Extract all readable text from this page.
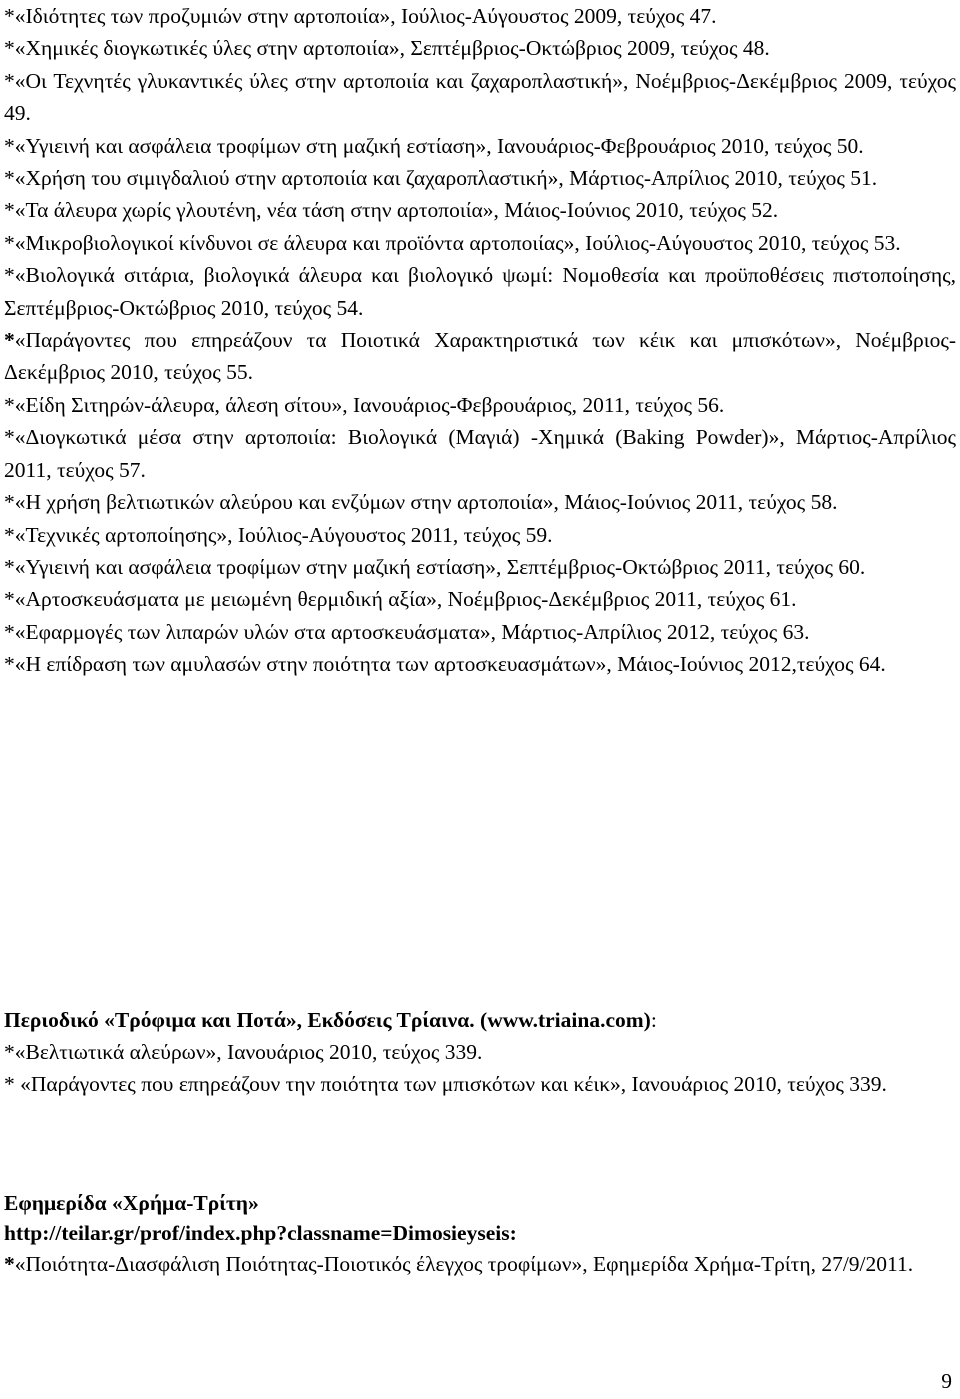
*«Ιδιότητες των προζυμιών στην αρτοποιία», Ιούλιος-Αύγουστος 2009, τεύχος 47.

*«Χημικές διογκωτικές ύλες στην αρτοποιία», Σεπτέμβριος-Οκτώβριος 2009, τεύχος 48.

*«Οι Τεχνητές γλυκαντικές ύλες στην αρτοποιία και ζαχαροπλαστική», Νοέμβριος-Δεκέμβριος 2009, τεύχος 49.

*«Υγιεινή και ασφάλεια τροφίμων στη μαζική εστίαση», Ιανουάριος-Φεβρουάριος 2010, τεύχος 50.

*«Χρήση του σιμιγδαλιού στην αρτοποιία και ζαχαροπλαστική», Μάρτιος-Απρίλιος 2010, τεύχος 51.

*«Τα άλευρα χωρίς γλουτένη, νέα τάση στην αρτοποιία», Μάιος-Ιούνιος 2010, τεύχος 52.

*«Μικροβιολογικοί κίνδυνοι σε άλευρα και προϊόντα αρτοποιίας», Ιούλιος-Αύγουστος 2010, τεύχος 53.

*«Βιολογικά σιτάρια, βιολογικά άλευρα και βιολογικό ψωμί: Νομοθεσία και προϋποθέσεις πιστοποίησης, Σεπτέμβριος-Οκτώβριος 2010, τεύχος 54.

*«Παράγοντες που επηρεάζουν τα Ποιοτικά Χαρακτηριστικά των κέικ και μπισκότων», Νοέμβριος-Δεκέμβριος 2010, τεύχος 55.

*«Είδη Σιτηρών-άλευρα, άλεση σίτου», Ιανουάριος-Φεβρουάριος, 2011, τεύχος 56.

*«Διογκωτικά μέσα στην αρτοποιία: Βιολογικά (Μαγιά) -Χημικά (Baking Powder)», Μάρτιος-Απρίλιος 2011, τεύχος 57.

*«Η χρήση βελτιωτικών αλεύρου και ενζύμων στην αρτοποιία», Μάιος-Ιούνιος 2011, τεύχος 58.

*«Τεχνικές αρτοποίησης», Ιούλιος-Αύγουστος 2011, τεύχος 59.

*«Υγιεινή και ασφάλεια τροφίμων στην μαζική εστίαση», Σεπτέμβριος-Οκτώβριος 2011, τεύχος 60.

*«Αρτοσκευάσματα με μειωμένη θερμιδική αξία», Νοέμβριος-Δεκέμβριος 2011, τεύχος 61.

*«Εφαρμογές των λιπαρών υλών στα αρτοσκευάσματα», Μάρτιος-Απρίλιος 2012, τεύχος 63.

*«Η επίδραση των αμυλασών στην ποιότητα των αρτοσκευασμάτων», Μάιος-Ιούνιος 2012,τεύχος 64.

Περιοδικό «Τρόφιμα και Ποτά», Εκδόσεις Τρίαινα. (www.triaina.com):

*«Βελτιωτικά αλεύρων», Ιανουάριος 2010, τεύχος 339.

* «Παράγοντες που επηρεάζουν την ποιότητα των μπισκότων και κέικ», Ιανουάριος 2010, τεύχος 339.

Εφημερίδα «Χρήμα-Τρίτη»

http://teilar.gr/prof/index.php?classname=Dimosieyseis:

*«Ποιότητα-Διασφάλιση Ποιότητας-Ποιοτικός έλεγχος τροφίμων», Εφημερίδα Χρήμα-Τρίτη, 27/9/2011.

9
